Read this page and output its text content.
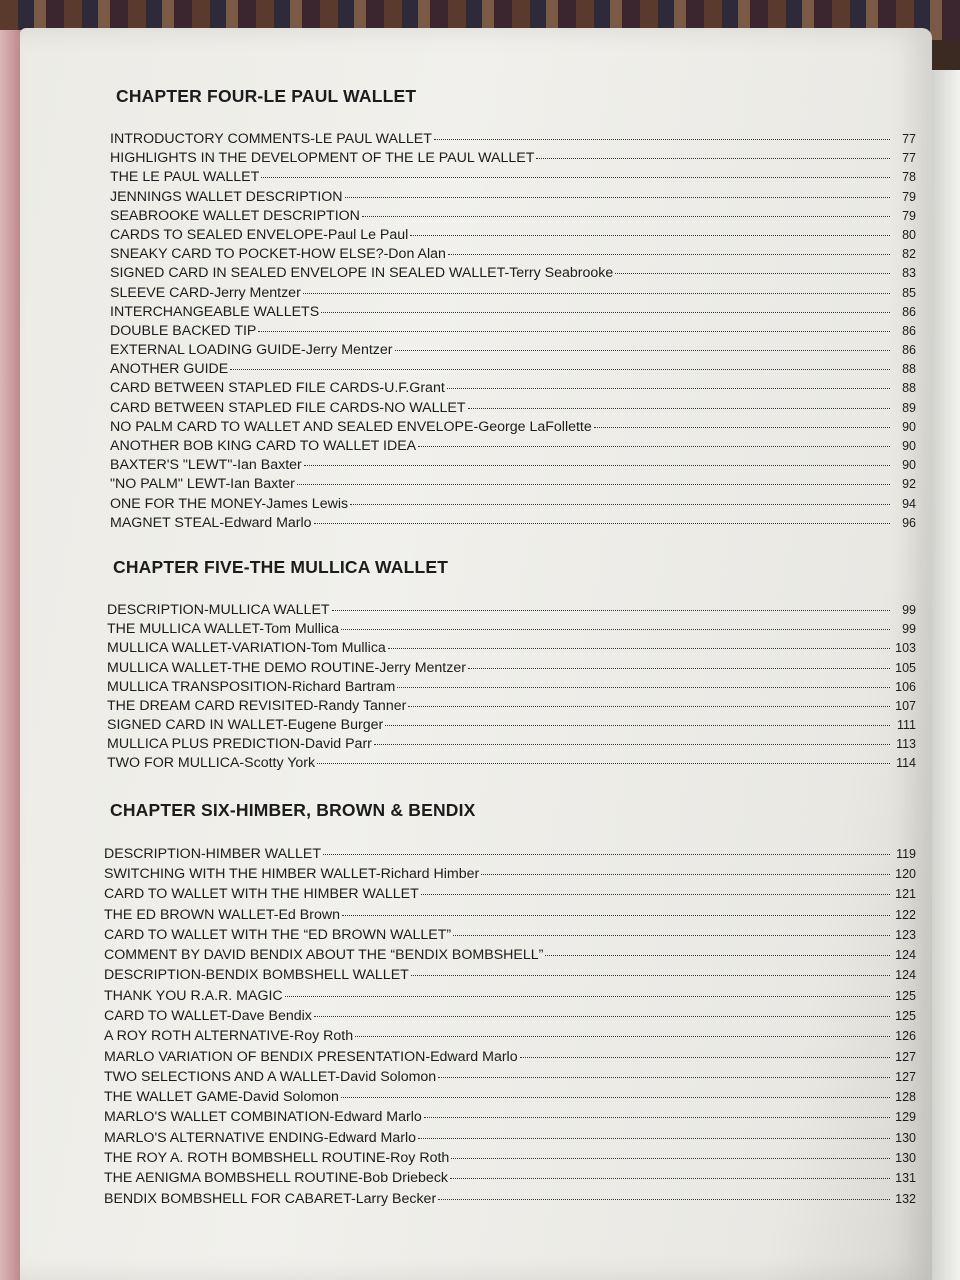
CHAPTER FOUR-LE PAUL WALLET
INTRODUCTORY COMMENTS-LE PAUL WALLET	77
HIGHLIGHTS IN THE DEVELOPMENT OF THE LE PAUL WALLET	77
THE LE PAUL WALLET	78
JENNINGS WALLET DESCRIPTION	79
SEABROOKE WALLET DESCRIPTION	79
CARDS TO SEALED ENVELOPE-Paul Le Paul	80
SNEAKY CARD TO POCKET-HOW ELSE?-Don Alan	82
SIGNED CARD IN SEALED ENVELOPE IN SEALED WALLET-Terry Seabrooke	83
SLEEVE CARD-Jerry Mentzer	85
INTERCHANGEABLE WALLETS	86
DOUBLE BACKED TIP	86
EXTERNAL LOADING GUIDE-Jerry Mentzer	86
ANOTHER GUIDE	88
CARD BETWEEN STAPLED FILE CARDS-U.F.Grant	88
CARD BETWEEN STAPLED FILE CARDS-NO WALLET	89
NO PALM CARD TO WALLET AND SEALED ENVELOPE-George LaFollette	90
ANOTHER BOB KING CARD TO WALLET IDEA	90
BAXTER'S "LEWT"-Ian Baxter	90
"NO PALM" LEWT-Ian Baxter	92
ONE FOR THE MONEY-James Lewis	94
MAGNET STEAL-Edward Marlo	96
CHAPTER FIVE-THE MULLICA WALLET
DESCRIPTION-MULLICA WALLET	99
THE MULLICA WALLET-Tom Mullica	99
MULLICA WALLET-VARIATION-Tom Mullica	103
MULLICA WALLET-THE DEMO ROUTINE-Jerry Mentzer	105
MULLICA TRANSPOSITION-Richard Bartram	106
THE DREAM CARD REVISITED-Randy Tanner	107
SIGNED CARD IN WALLET-Eugene Burger	111
MULLICA PLUS PREDICTION-David Parr	113
TWO FOR MULLICA-Scotty York	114
CHAPTER SIX-HIMBER, BROWN & BENDIX
DESCRIPTION-HIMBER WALLET	119
SWITCHING WITH THE HIMBER WALLET-Richard Himber	120
CARD TO WALLET WITH THE HIMBER WALLET	121
THE ED BROWN WALLET-Ed Brown	122
CARD TO WALLET WITH THE “ED BROWN WALLET”	123
COMMENT BY DAVID BENDIX ABOUT THE “BENDIX BOMBSHELL”	124
DESCRIPTION-BENDIX BOMBSHELL WALLET	124
THANK YOU R.A.R. MAGIC	125
CARD TO WALLET-Dave Bendix	125
A ROY ROTH ALTERNATIVE-Roy Roth	126
MARLO VARIATION OF BENDIX PRESENTATION-Edward Marlo	127
TWO SELECTIONS AND A WALLET-David Solomon	127
THE WALLET GAME-David Solomon	128
MARLO'S WALLET COMBINATION-Edward Marlo	129
MARLO'S ALTERNATIVE ENDING-Edward Marlo	130
THE ROY A. ROTH BOMBSHELL ROUTINE-Roy Roth	130
THE AENIGMA BOMBSHELL ROUTINE-Bob Driebeck	131
BENDIX BOMBSHELL FOR CABARET-Larry Becker	132
